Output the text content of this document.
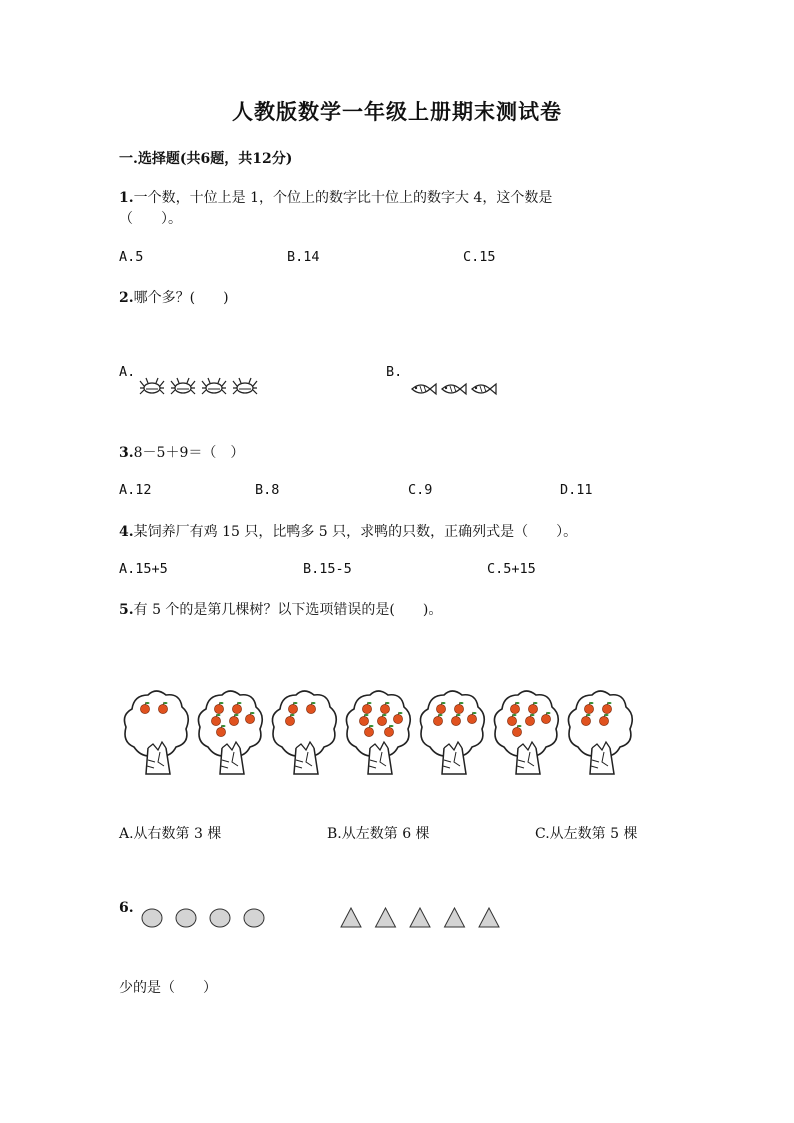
人教版数学一年级上册期末测试卷
一.选择题(共6题，共12分)
1.一个数，十位上是 1，个位上的数字比十位上的数字大 4，这个数是
（　　）。
A.5	B.14	C.15
2.哪个多？(　　)
A.	B.
3.8－5＋9＝（　）
A.12	B.8	C.9	D.11
4.某饲养厂有鸡 15 只，比鸭多 5 只，求鸭的只数，正确列式是（　　）。
A.15+5	B.15-5	C.5+15
5.有 5 个的是第几棵树？以下选项错误的是(　　)。
A.从右数第 3 棵	B.从左数第 6 棵	C.从左数第 5 棵
6.
少的是（　　）
